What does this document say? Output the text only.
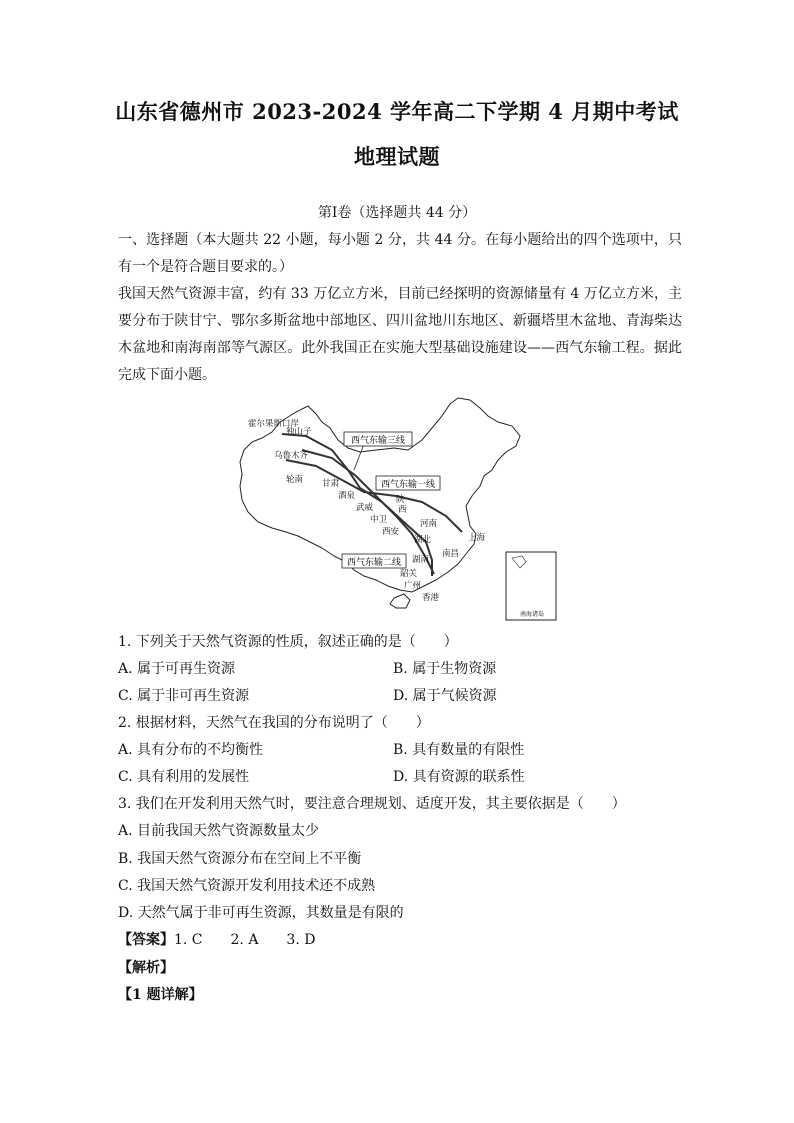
山东省德州市 2023-2024 学年高二下学期 4 月期中考试
地理试题
第Ⅰ卷（选择题共 44 分）
一、选择题（本大题共 22 小题，每小题 2 分，共 44 分。在每小题给出的四个选项中，只有一个是符合题目要求的。）
我国天然气资源丰富，约有 33 万亿立方米，目前已经探明的资源储量有 4 万亿立方米，主要分布于陕甘宁、鄂尔多斯盆地中部地区、四川盆地川东地区、新疆塔里木盆地、青海柴达木盆地和南海南部等气源区。此外我国正在实施大型基础设施建设——西气东输工程。据此完成下面小题。
西气东输三线
西气东输一线
西气东输二线
霍尔果斯口岸
独山子
乌鲁木齐
轮南 甘肃
酒泉
武威
中卫
陕
西
西安
河南
湖北
湖南
南昌
上海
韶关
广州
香港
南海诸岛
1. 下列关于天然气资源的性质，叙述正确的是（　　）
A. 属于可再生资源	B. 属于生物资源
C. 属于非可再生资源	D. 属于气候资源
2. 根据材料，天然气在我国的分布说明了（　　）
A. 具有分布的不均衡性	B. 具有数量的有限性
C. 具有利用的发展性	D. 具有资源的联系性
3. 我们在开发利用天然气时，要注意合理规划、适度开发，其主要依据是（　　）
A. 目前我国天然气资源数量太少
B. 我国天然气资源分布在空间上不平衡
C. 我国天然气资源开发利用技术还不成熟
D. 天然气属于非可再生资源，其数量是有限的
【答案】1. C　　2. A　　3. D
【解析】
【1 题详解】
